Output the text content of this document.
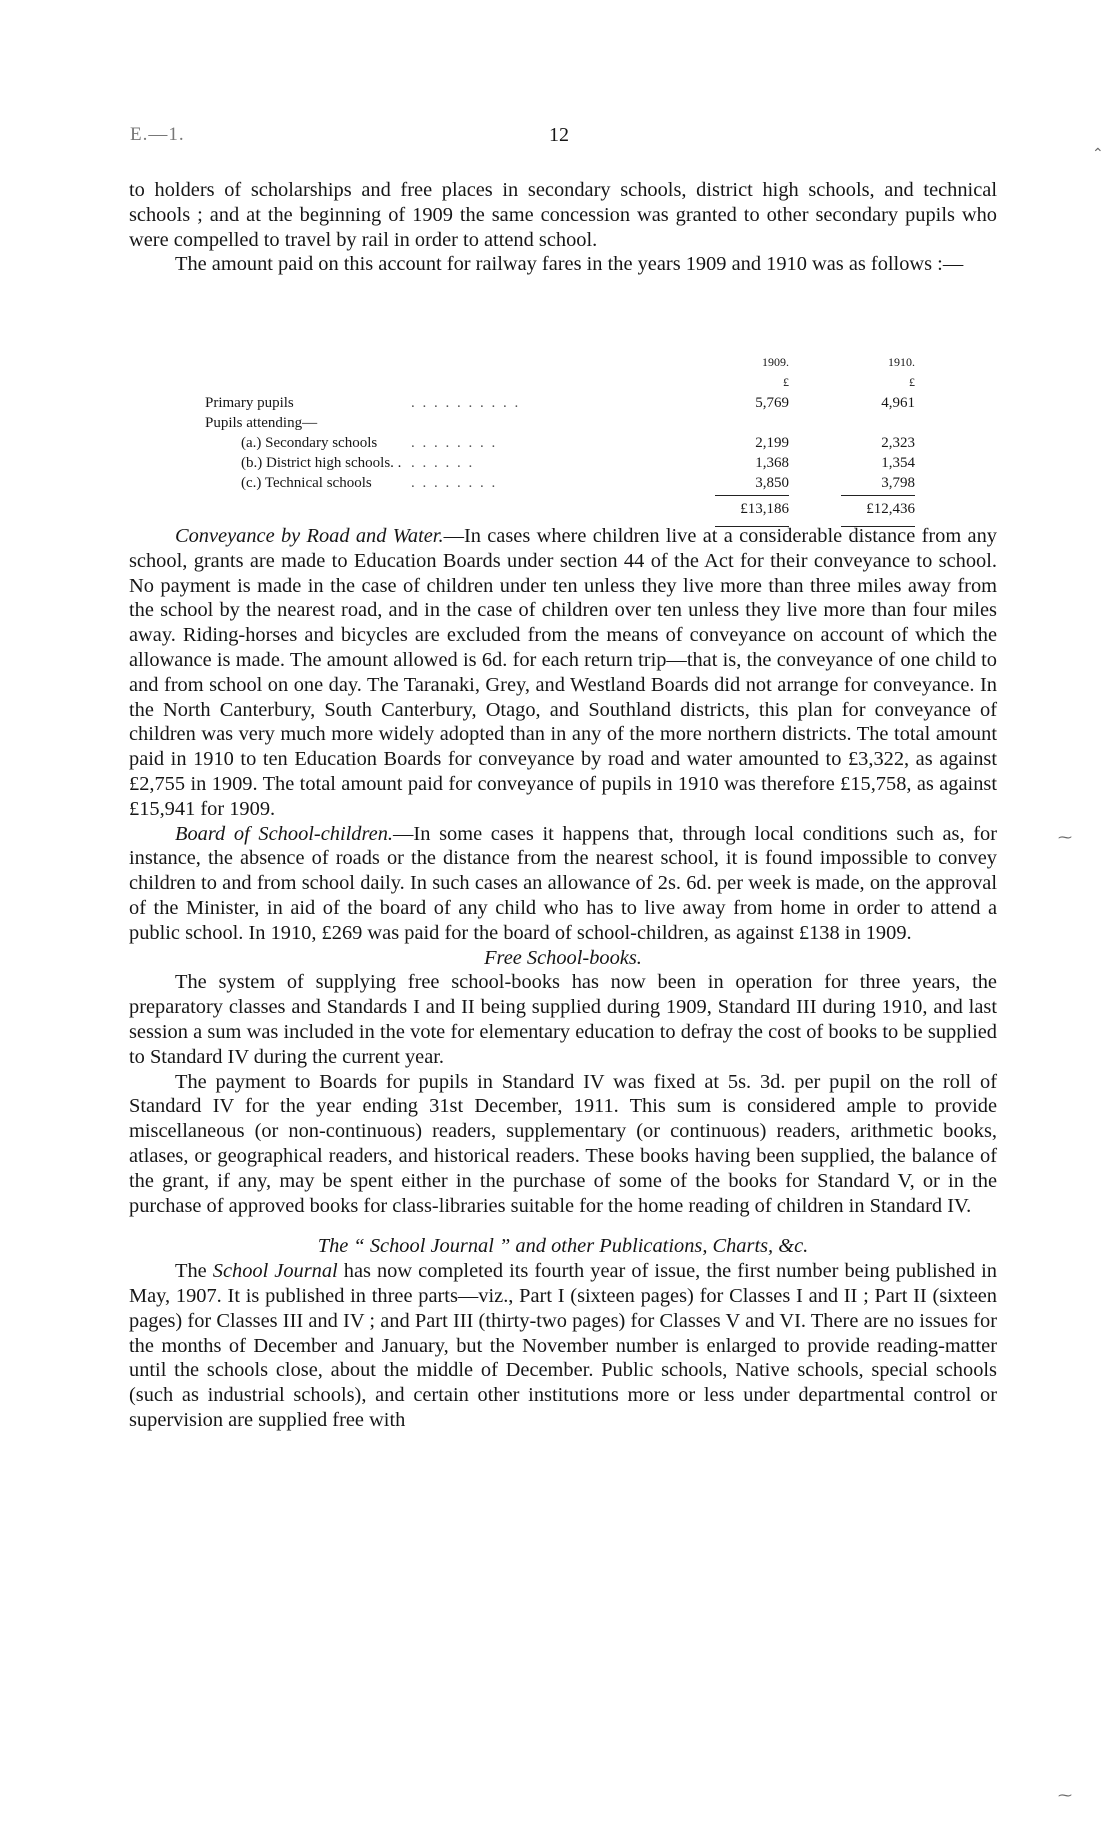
E.—1.	12

to holders of scholarships and free places in secondary schools, district high schools, and technical schools ; and at the beginning of 1909 the same concession was granted to other secondary pupils who were compelled to travel by rail in order to attend school.

The amount paid on this account for railway fares in the years 1909 and 1910 was as follows :—

		1909.	1910.
		£	£
Primary pupils	. . . . . . . . . .	5,769	4,961
Pupils attending—			
(a.) Secondary schools	. . . . . . . .	2,199	2,323
(b.) District high schools. .	. . . . . .	1,368	1,354
(c.) Technical schools	. . . . . . . .	3,850	3,798
		£13,186	£12,436

Conveyance by Road and Water.—In cases where children live at a considerable distance from any school, grants are made to Education Boards under section 44 of the Act for their conveyance to school. No payment is made in the case of children under ten unless they live more than three miles away from the school by the nearest road, and in the case of children over ten unless they live more than four miles away. Riding-horses and bicycles are excluded from the means of conveyance on account of which the allowance is made. The amount allowed is 6d. for each return trip—that is, the conveyance of one child to and from school on one day. The Taranaki, Grey, and Westland Boards did not arrange for conveyance. In the North Canterbury, South Canterbury, Otago, and Southland districts, this plan for conveyance of children was very much more widely adopted than in any of the more northern districts. The total amount paid in 1910 to ten Education Boards for conveyance by road and water amounted to £3,322, as against £2,755 in 1909. The total amount paid for conveyance of pupils in 1910 was therefore £15,758, as against £15,941 for 1909.

Board of School-children.—In some cases it happens that, through local conditions such as, for instance, the absence of roads or the distance from the nearest school, it is found impossible to convey children to and from school daily. In such cases an allowance of 2s. 6d. per week is made, on the approval of the Minister, in aid of the board of any child who has to live away from home in order to attend a public school. In 1910, £269 was paid for the board of school-children, as against £138 in 1909.

Free School-books.

The system of supplying free school-books has now been in operation for three years, the preparatory classes and Standards I and II being supplied during 1909, Standard III during 1910, and last session a sum was included in the vote for elementary education to defray the cost of books to be supplied to Standard IV during the current year.

The payment to Boards for pupils in Standard IV was fixed at 5s. 3d. per pupil on the roll of Standard IV for the year ending 31st December, 1911. This sum is considered ample to provide miscellaneous (or non-continuous) readers, supplementary (or continuous) readers, arithmetic books, atlases, or geographical readers, and historical readers. These books having been supplied, the balance of the grant, if any, may be spent either in the purchase of some of the books for Standard V, or in the purchase of approved books for class-libraries suitable for the home reading of children in Standard IV.

The “ School Journal ” and other Publications, Charts, &c.

The School Journal has now completed its fourth year of issue, the first number being published in May, 1907. It is published in three parts—viz., Part I (sixteen pages) for Classes I and II ; Part II (sixteen pages) for Classes III and IV ; and Part III (thirty-two pages) for Classes V and VI. There are no issues for the months of December and January, but the November number is enlarged to provide reading-matter until the schools close, about the middle of December. Public schools, Native schools, special schools (such as industrial schools), and certain other institutions more or less under departmental control or supervision are supplied free with

⌃
⁓
⁓
